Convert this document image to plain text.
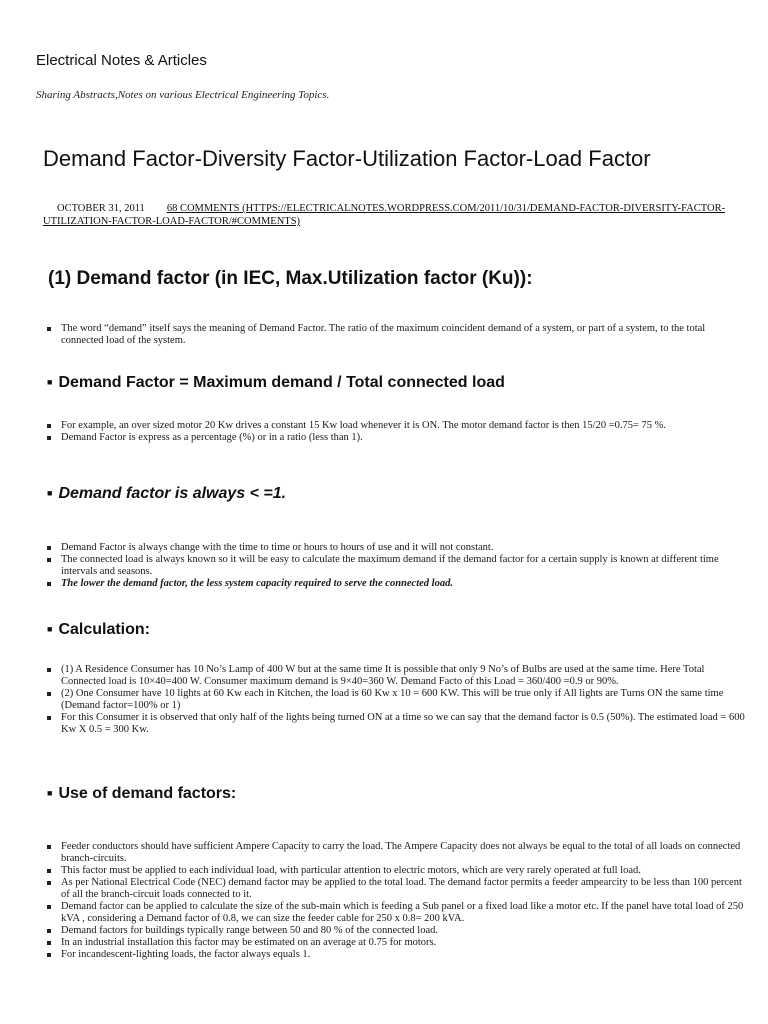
Electrical Notes & Articles
Sharing Abstracts,Notes on various Electrical Engineering Topics.
Demand Factor-Diversity Factor-Utilization Factor-Load Factor
OCTOBER 31, 2011 68 COMMENTS (HTTPS://ELECTRICALNOTES.WORDPRESS.COM/2011/10/31/DEMAND-FACTOR-DIVERSITY-FACTOR-UTILIZATION-FACTOR-LOAD-FACTOR/#COMMENTS)
(1) Demand factor (in IEC, Max.Utilization factor (Ku)):
The word “demand” itself says the meaning of Demand Factor. The ratio of the maximum coincident demand of a system, or part of a system, to the total connected load of the system.
■ Demand Factor = Maximum demand / Total connected load
For example, an over sized motor 20 Kw drives a constant 15 Kw load whenever it is ON. The motor demand factor is then 15/20 =0.75= 75 %.
Demand Factor is express as a percentage (%) or in a ratio (less than 1).
■ Demand factor is always < =1.
Demand Factor is always change with the time to time or hours to hours of use and it will not constant.
The connected load is always known so it will be easy to calculate the maximum demand if the demand factor for a certain supply is known at different time intervals and seasons.
The lower the demand factor, the less system capacity required to serve the connected load.
■ Calculation:
(1) A Residence Consumer has 10 No’s Lamp of 400 W but at the same time It is possible that only 9 No’s of Bulbs are used at the same time. Here Total Connected load is 10×40=400 W. Consumer maximum demand is 9×40=360 W. Demand Facto of this Load = 360/400 =0.9 or 90%.
(2) One Consumer have 10 lights at 60 Kw each in Kitchen, the load is 60 Kw x 10 = 600 KW. This will be true only if All lights are Turns ON the same time (Demand factor=100% or 1)
For this Consumer it is observed that only half of the lights being turned ON at a time so we can say that the demand factor is 0.5 (50%). The estimated load = 600 Kw X 0.5 = 300 Kw.
■ Use of demand factors:
Feeder conductors should have sufficient Ampere Capacity to carry the load. The Ampere Capacity does not always be equal to the total of all loads on connected branch-circuits.
This factor must be applied to each individual load, with particular attention to electric motors, which are very rarely operated at full load.
As per National Electrical Code (NEC) demand factor may be applied to the total load. The demand factor permits a feeder ampearcity to be less than 100 percent of all the branch-circuit loads connected to it.
Demand factor can be applied to calculate the size of the sub-main which is feeding a Sub panel or a fixed load like a motor etc. If the panel have total load of 250 kVA , considering a Demand factor of 0.8, we can size the feeder cable for 250 x 0.8= 200 kVA.
Demand factors for buildings typically range between 50 and 80 % of the connected load.
In an industrial installation this factor may be estimated on an average at 0.75 for motors.
For incandescent-lighting loads, the factor always equals 1.
